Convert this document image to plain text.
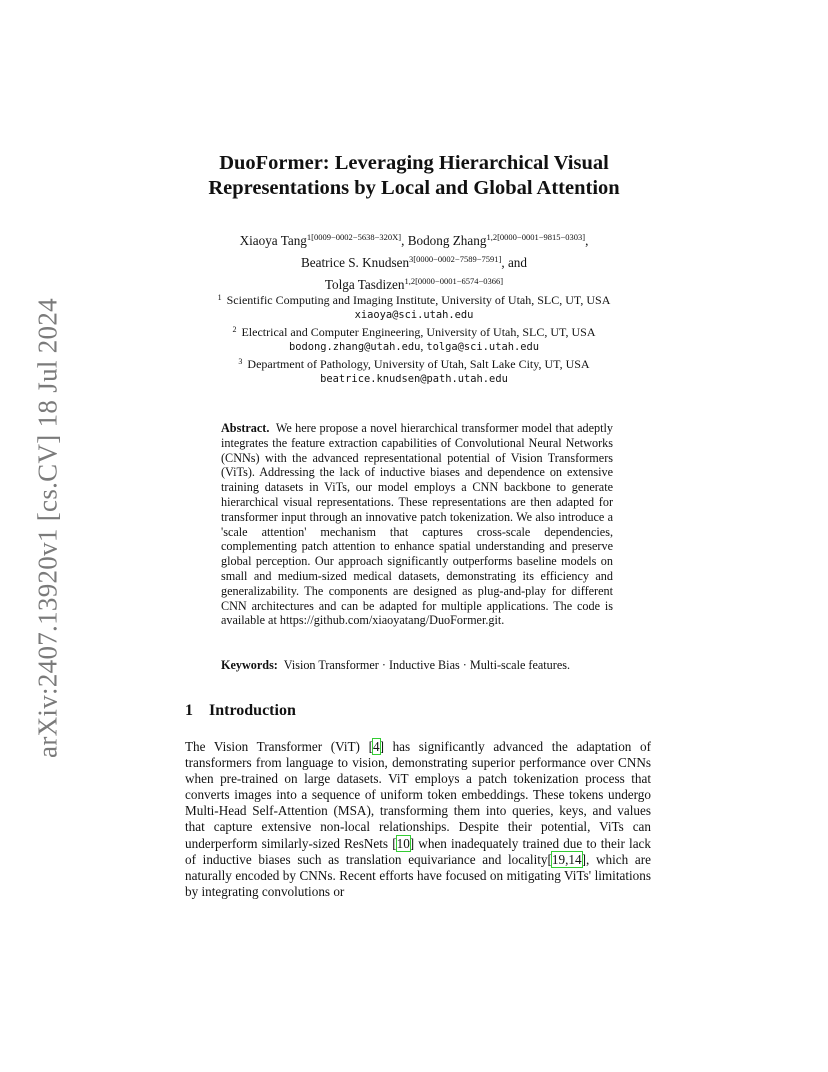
arXiv:2407.13920v1 [cs.CV] 18 Jul 2024
DuoFormer: Leveraging Hierarchical Visual
Representations by Local and Global Attention
Xiaoya Tang$^{1[0009-0002-5638-320X]}$, Bodong Zhang$^{1,2[0000-0001-9815-0303]}$,
Beatrice S. Knudsen$^{3[0000-0002-7589-7591]}$, and
Tolga Tasdizen$^{1,2[0000-0001-6574-0366]}$
$^1$ Scientific Computing and Imaging Institute, University of Utah, SLC, UT, USA
xiaoya@sci.utah.edu
$^2$ Electrical and Computer Engineering, University of Utah, SLC, UT, USA
bodong.zhang@utah.edu, tolga@sci.utah.edu
$^3$ Department of Pathology, University of Utah, Salt Lake City, UT, USA
beatrice.knudsen@path.utah.edu
Abstract. We here propose a novel hierarchical transformer model that adeptly integrates the feature extraction capabilities of Convolutional Neural Networks (CNNs) with the advanced representational potential of Vision Transformers (ViTs). Addressing the lack of inductive biases and dependence on extensive training datasets in ViTs, our model employs a CNN backbone to generate hierarchical visual representations. These representations are then adapted for transformer input through an innovative patch tokenization. We also introduce a 'scale attention' mechanism that captures cross-scale dependencies, complementing patch attention to enhance spatial understanding and preserve global perception. Our approach significantly outperforms baseline models on small and medium-sized medical datasets, demonstrating its efficiency and generalizability. The components are designed as plug-and-play for different CNN architectures and can be adapted for multiple applications. The code is available at https://github.com/xiaoyatang/DuoFormer.git.
Keywords: Vision Transformer · Inductive Bias · Multi-scale features.
1 Introduction
The Vision Transformer (ViT) [4] has significantly advanced the adaptation of transformers from language to vision, demonstrating superior performance over CNNs when pre-trained on large datasets. ViT employs a patch tokenization process that converts images into a sequence of uniform token embeddings. These tokens undergo Multi-Head Self-Attention (MSA), transforming them into queries, keys, and values that capture extensive non-local relationships. Despite their potential, ViTs can underperform similarly-sized ResNets [10] when inadequately trained due to their lack of inductive biases such as translation equivariance and locality[19,14], which are naturally encoded by CNNs. Recent efforts have focused on mitigating ViTs' limitations by integrating convolutions or
